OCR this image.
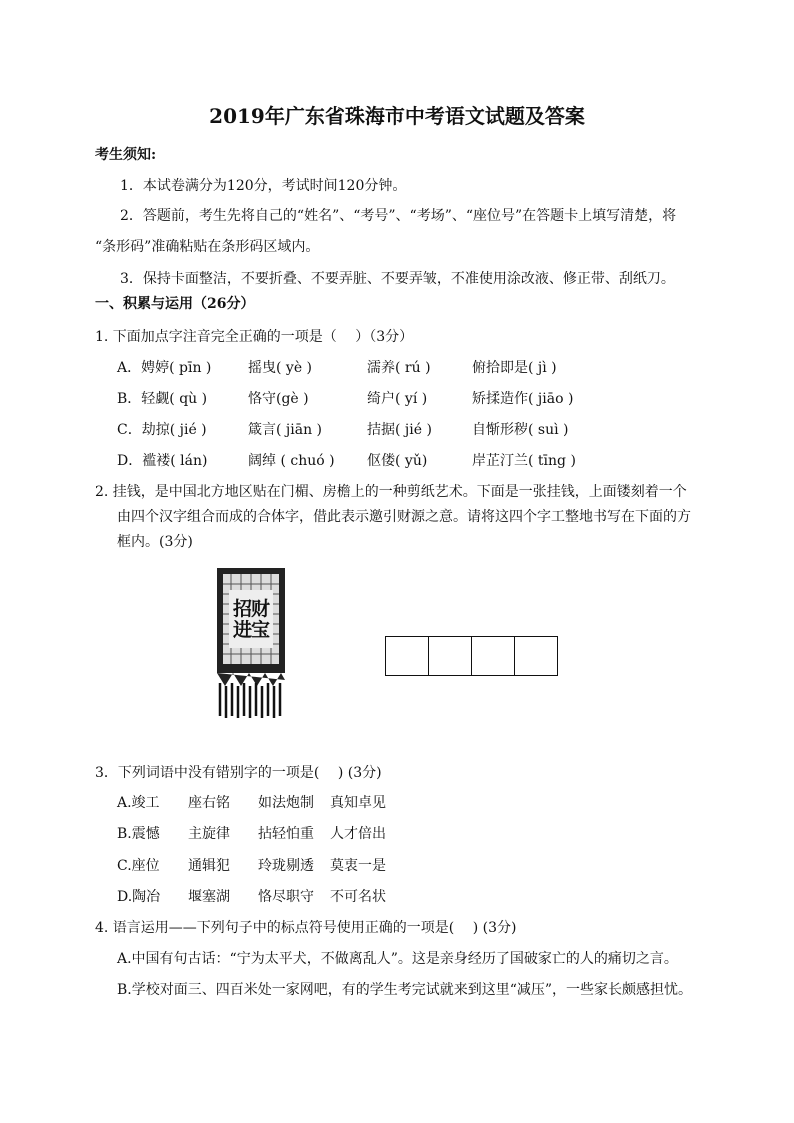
2019年广东省珠海市中考语文试题及答案
考生须知:
1．本试卷满分为120分，考试时间120分钟。
2．答题前，考生先将自己的“姓名”、“考号”、“考场”、“座位号”在答题卡上填写清楚，将
“条形码”准确粘贴在条形码区域内。
3．保持卡面整洁，不要折叠、不要弄脏、不要弄皱，不准使用涂改液、修正带、刮纸刀。
一、积累与运用（26分）
1. 下面加点字注音完全正确的一项是（　 ）（3分）
A．娉婷( pīn )	摇曳( yè )	濡养( rú )	俯拾即是( jì )
B．轻觑( qù )	恪守(gè )	绮户( yí )	矫揉造作( jiāo )
C．劫掠( jié )	箴言( jiān )	拮据( jié )	自惭形秽( suì )
D．褴褛( lán)	阔绰 ( chuó ) 伛偻( yǔ)	岸芷汀兰( tīng )
2. 挂钱，是中国北方地区贴在门楣、房檐上的一种剪纸艺术。下面是一张挂钱，上面镂刻着一个
由四个汉字组合而成的合体字，借此表示邀引财源之意。请将这四个字工整地书写在下面的方
框内。(3分)
招财进宝
3．下列词语中没有错别字的一项是(　 ) (3分)
A.竣工 座右铭 如法炮制 真知卓见
B.震憾 主旋律 拈轻怕重 人才倍出
C.座位 通辑犯 玲珑剔透 莫衷一是
D.陶冶 堰塞湖 恪尽职守 不可名状
4. 语言运用——下列句子中的标点符号使用正确的一项是(　 ) (3分)
A.中国有句古话：“宁为太平犬，不做离乱人”。这是亲身经历了国破家亡的人的痛切之言。
B.学校对面三、四百米处一家网吧，有的学生考完试就来到这里“减压”，一些家长颇感担忧。
